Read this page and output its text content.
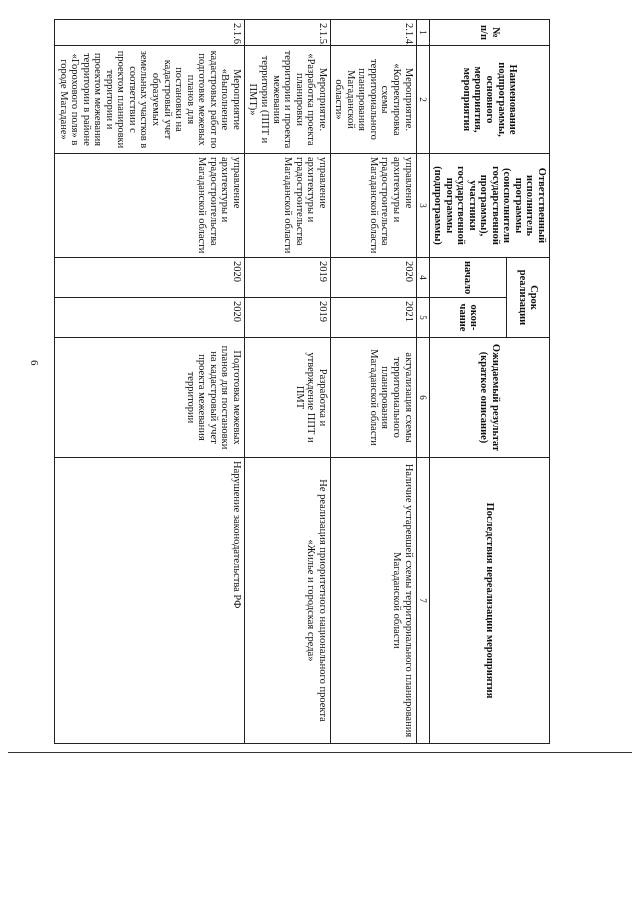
6
№ п/п	Наименование подпрограммы, основного мероприятия, мероприятия	Ответственный исполнитель программы (соисполнители государственной программы), участники государственной программы (подпрограммы)	Срок реализации		Ожидаемый результат (краткое описание)	Последствия нереализации мероприятия
			начало	окон-чание		
1	2	3	4	5	6	7
2.1.4.	Мероприятие. «Корректировка схемы территориального планирования Магаданской области»	управление архитектуры и градостроительства Магаданской области	2020	2021	актуализация схемы территориального планирования Магаданской области	Наличие устаревшей схемы территориального планирования Магаданской области
2.1.5.	Мероприятие. «Разработка проекта планировки территории и проекта межевания территории (ППТ и ПМТ)»	управление архитектуры и градостроительства Магаданской области	2019	2019	Разработка и утверждение ППТ и ПМТ	Не реализация приоритетного национального проекта «Жилье и городская среда»
2.1.6.	Мероприятие «Выполнение кадастровых работ по подготовке межевых планов для постановки на кадастровый учет образуемых земельных участков в соответствии с проектом планировки территории и проектом межевания территории в районе «Горохового поля» в городе Магадане»	управление архитектуры и градостроительства Магаданской области	2020	2020	Подготовка межевых планов для постановки на кадастровый учет проекта межевания территории	Нарушение законодательства РФ
